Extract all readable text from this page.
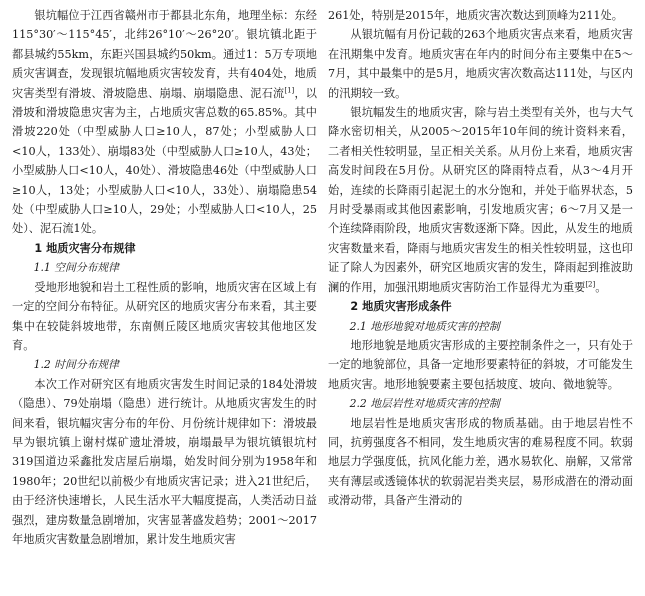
银坑幅位于江西省赣州市于都县北东角，地理坐标：东经115°30′～115°45′，北纬26°10′～26°20′。银坑镇北距于都县城约55km，东距兴国县城约50km。通过1：5万专项地质灾害调查，发现银坑幅地质灾害较发育，共有404处，地质灾害类型有滑坡、滑坡隐患、崩塌、崩塌隐患、泥石流[1]，以滑坡和滑坡隐患灾害为主，占地质灾害总数的65.85%。其中滑坡220处（中型威胁人口≥10人，87处；小型威胁人口<10人，133处）、崩塌83处（中型威胁人口≥10人，43处；小型威胁人口<10人，40处）、滑坡隐患46处（中型威胁人口≥10人，13处；小型威胁人口<10人，33处）、崩塌隐患54处（中型威胁人口≥10人，29处；小型威胁人口<10人，25处）、泥石流1处。

1 地质灾害分布规律
1.1 空间分布规律

受地形地貌和岩土工程性质的影响，地质灾害在区域上有一定的空间分布特征。从研究区的地质灾害分布来看，其主要集中在较陡斜坡地带，东南侧丘陵区地质灾害较其他地区发育。

1.2 时间分布规律

本次工作对研究区有地质灾害发生时间记录的184处滑坡（隐患）、79处崩塌（隐患）进行统计。从地质灾害发生的时间来看，银坑幅灾害分布的年份、月份统计规律如下：滑坡最早为银坑镇上谢村煤矿遗址滑坡，崩塌最早为银坑镇银坑村319国道边采鑫批发店屋后崩塌，始发时间分别为1958年和1980年；20世纪以前极少有地质灾害记录；进入21世纪后，由于经济快速增长，人民生活水平大幅度提高，人类活动日益强烈，建房数量急剧增加，灾害显著盛发趋势；2001～2017年地质灾害数量急剧增加，累计发生地质灾害

261处，特别是2015年，地质灾害次数达到顶峰为211处。

从银坑幅有月份记载的263个地质灾害点来看，地质灾害在汛期集中发育。地质灾害在年内的时间分布主要集中在5～7月，其中最集中的是5月，地质灾害次数高达111处，与区内的汛期较一致。

银坑幅发生的地质灾害，除与岩土类型有关外，也与大气降水密切相关，从2005～2015年10年间的统计资料来看，二者相关性较明显，呈正相关关系。从月份上来看，地质灾害高发时间段在5月份。从研究区的降雨特点看，从3～4月开始，连续的长降雨引起泥土的水分饱和，并处于临界状态，5月时受暴雨或其他因素影响，引发地质灾害；6～7月又是一个连续降雨阶段，地质灾害数逐渐下降。因此，从发生的地质灾害数量来看，降雨与地质灾害发生的相关性较明显，这也印证了除人为因素外，研究区地质灾害的发生，降雨起到推波助澜的作用，加强汛期地质灾害防治工作显得尤为重要[2]。

2 地质灾害形成条件
2.1 地形地貌对地质灾害的控制

地形地貌是地质灾害形成的主要控制条件之一，只有处于一定的地貌部位，具备一定地形要素特征的斜坡，才可能发生地质灾害。地形地貌要素主要包括坡度、坡向、微地貌等。

2.2 地层岩性对地质灾害的控制

地层岩性是地质灾害形成的物质基础。由于地层岩性不同，抗剪强度各不相同，发生地质灾害的难易程度不同。软弱地层力学强度低，抗风化能力差，遇水易软化、崩解，又常常夹有薄层或透镜体状的软弱泥岩类夹层，易形成潜在的滑动面或滑动带，具备产生滑动的
